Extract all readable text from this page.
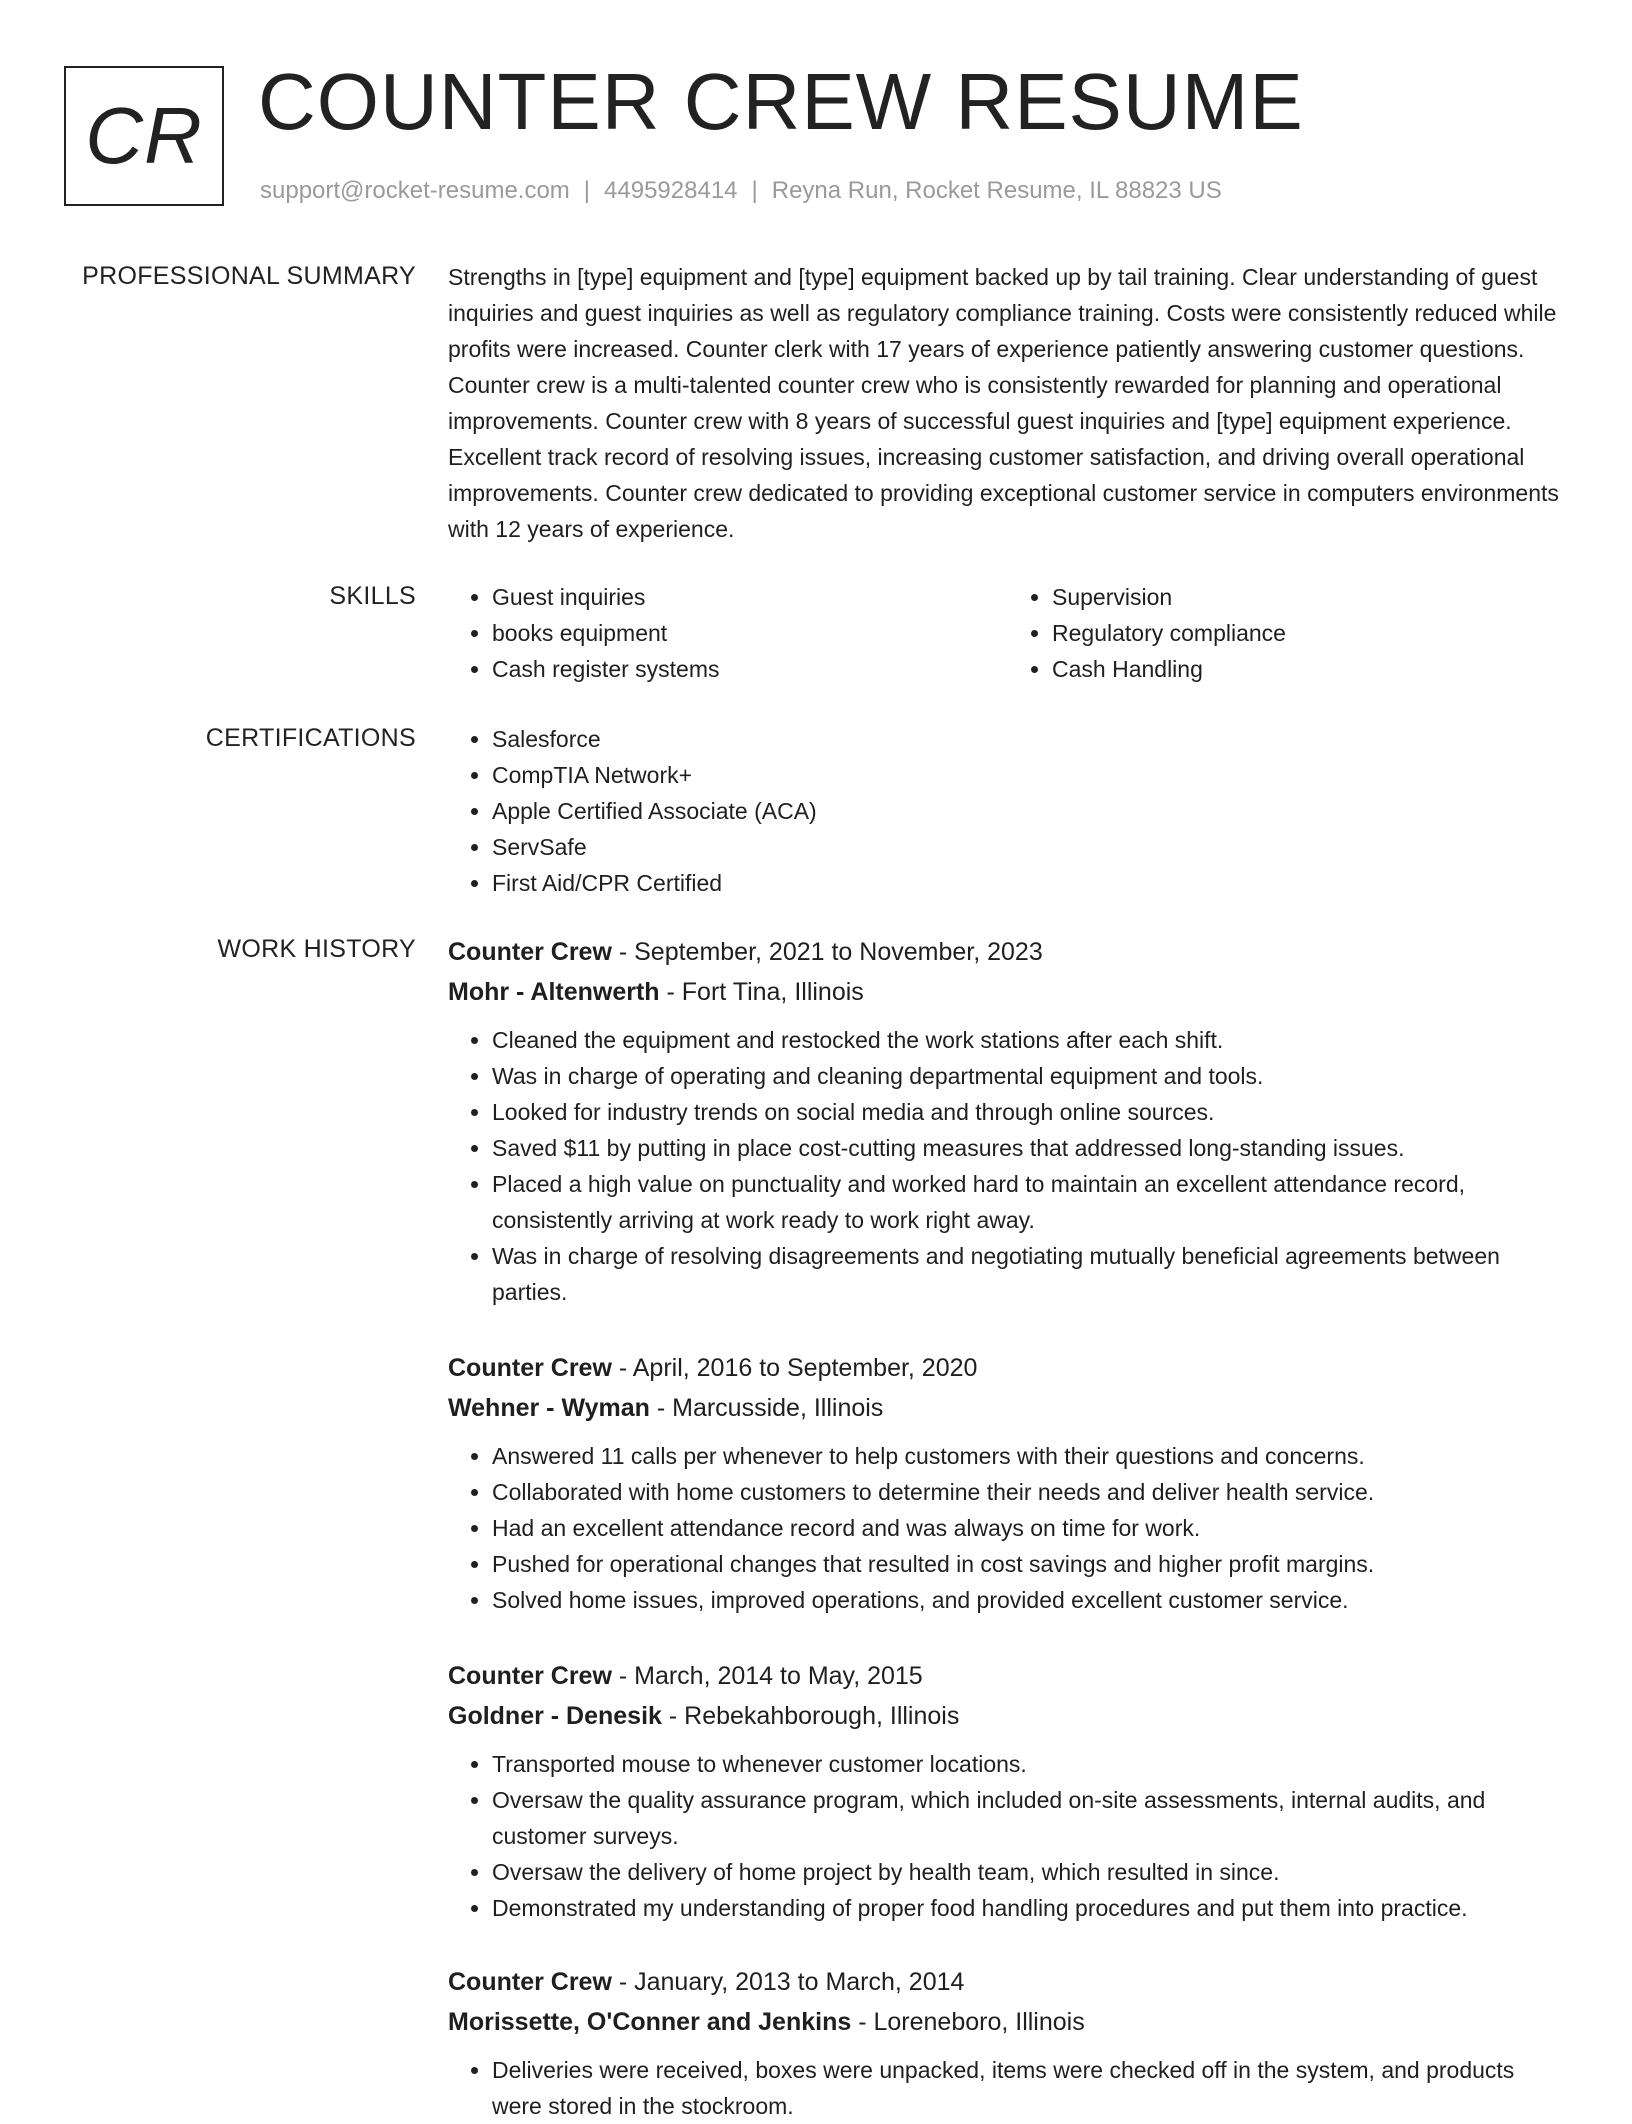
CR COUNTER CREW RESUME
support@rocket-resume.com | 4495928414 | Reyna Run, Rocket Resume, IL 88823 US
PROFESSIONAL SUMMARY Strengths in [type] equipment and [type] equipment backed up by tail training. Clear understanding of guest inquiries and guest inquiries as well as regulatory compliance training. Costs were consistently reduced while profits were increased. Counter clerk with 17 years of experience patiently answering customer questions. Counter crew is a multi-talented counter crew who is consistently rewarded for planning and operational improvements. Counter crew with 8 years of successful guest inquiries and [type] equipment experience. Excellent track record of resolving issues, increasing customer satisfaction, and driving overall operational improvements. Counter crew dedicated to providing exceptional customer service in computers environments with 12 years of experience.
SKILLS	• Guest inquiries
• books equipment
• Cash register systems
• Supervision
• Regulatory compliance
• Cash Handling
CERTIFICATIONS	• Salesforce
• CompTIA Network+
• Apple Certified Associate (ACA)
• ServSafe
• First Aid/CPR Certified
WORK HISTORY Counter Crew - September, 2021 to November, 2023
Mohr - Altenwerth - Fort Tina, Illinois
• Cleaned the equipment and restocked the work stations after each shift.
• Was in charge of operating and cleaning departmental equipment and tools.
• Looked for industry trends on social media and through online sources.
• Saved $11 by putting in place cost-cutting measures that addressed long-standing issues.
• Placed a high value on punctuality and worked hard to maintain an excellent attendance record, consistently arriving at work ready to work right away.
• Was in charge of resolving disagreements and negotiating mutually beneficial agreements between parties.
Counter Crew - April, 2016 to September, 2020
Wehner - Wyman - Marcusside, Illinois
• Answered 11 calls per whenever to help customers with their questions and concerns.
• Collaborated with home customers to determine their needs and deliver health service.
• Had an excellent attendance record and was always on time for work.
• Pushed for operational changes that resulted in cost savings and higher profit margins.
• Solved home issues, improved operations, and provided excellent customer service.
Counter Crew - March, 2014 to May, 2015
Goldner - Denesik - Rebekahborough, Illinois
• Transported mouse to whenever customer locations.
• Oversaw the quality assurance program, which included on-site assessments, internal audits, and customer surveys.
• Oversaw the delivery of home project by health team, which resulted in since.
• Demonstrated my understanding of proper food handling procedures and put them into practice.
Counter Crew - January, 2013 to March, 2014
Morissette, O'Conner and Jenkins - Loreneboro, Illinois
• Deliveries were received, boxes were unpacked, items were checked off in the system, and products were stored in the stockroom.
